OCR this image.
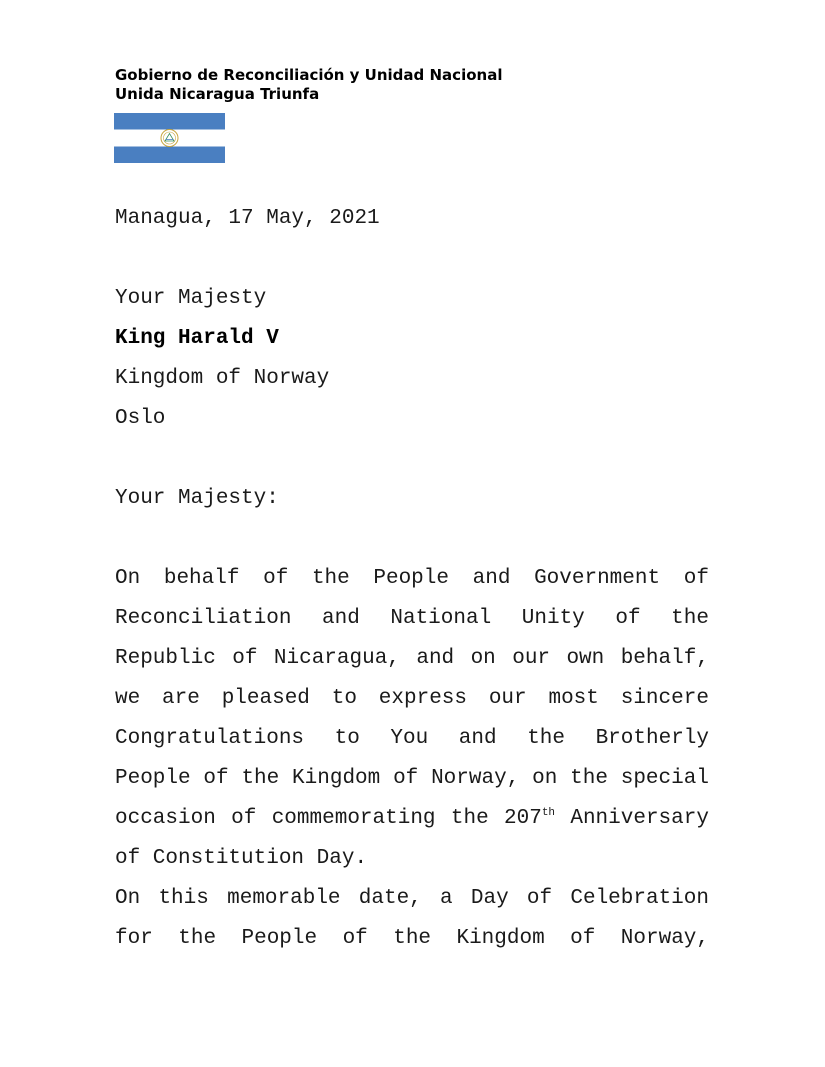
Gobierno de Reconciliación y Unidad Nacional
Unida Nicaragua Triunfa
Managua, 17 May, 2021
Your Majesty
King Harald V
Kingdom of Norway
Oslo
Your Majesty:
On behalf of the People and Government of
Reconciliation and National Unity of the
Republic of Nicaragua, and on our own behalf,
we are pleased to express our most sincere
Congratulations to You and the Brotherly
People of the Kingdom of Norway, on the special
occasion of commemorating the 207th Anniversary
of Constitution Day.
On this memorable date, a Day of Celebration
for the People of the Kingdom of Norway,
